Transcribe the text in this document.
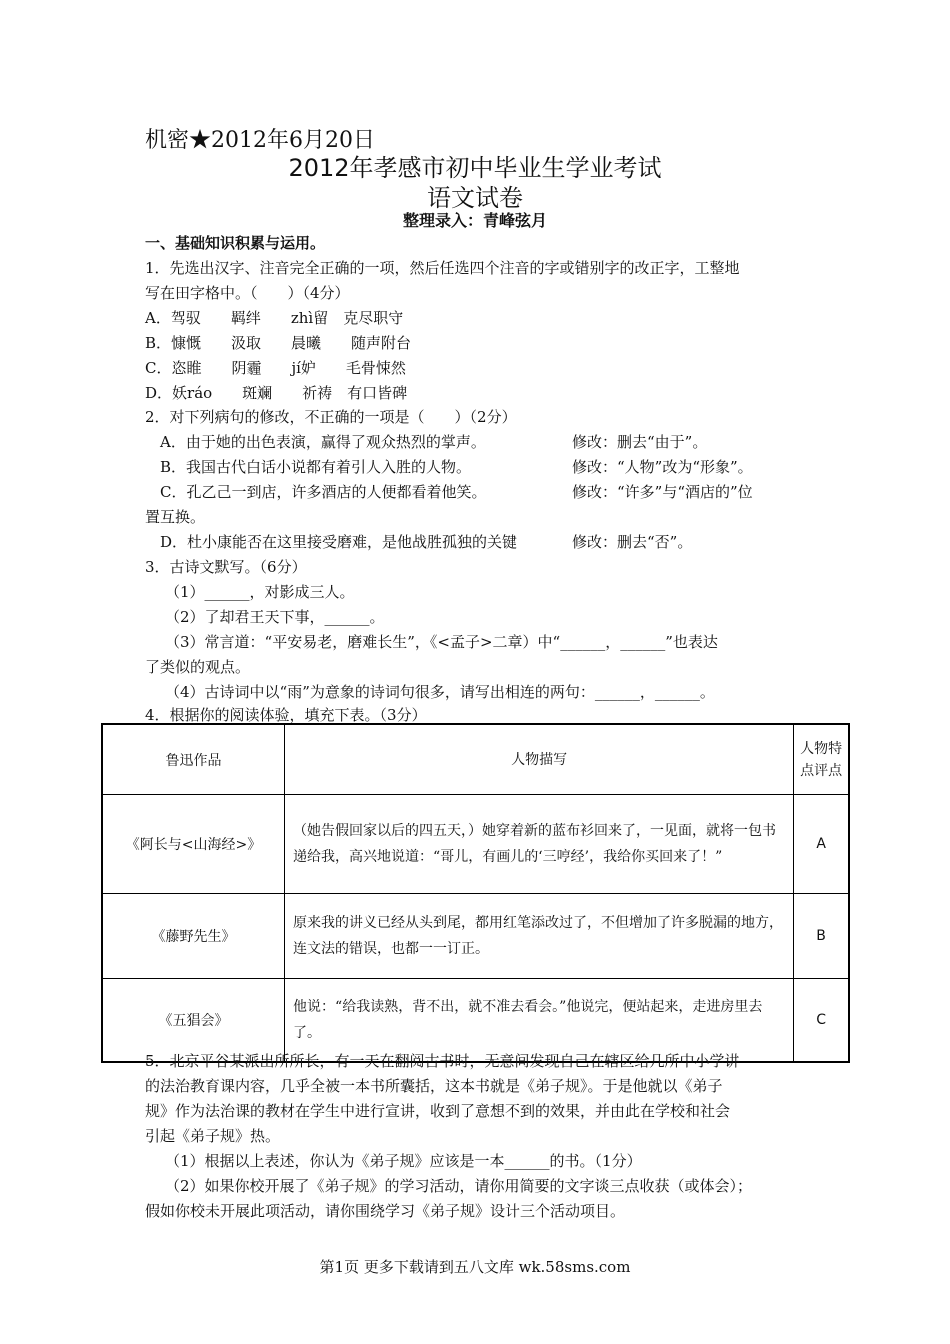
机密★2012年6月20日
2012年孝感市初中毕业生学业考试
语文试卷
整理录入：青峰弦月
一、基础知识积累与运用。
1．先选出汉字、注音完全正确的一项，然后任选四个注音的字或错别字的改正字，工整地
写在田字格中。（　　）（4分）
A．驾驭　　羁绊　　zhì留　克尽职守
B．慷慨　　汲取　　晨曦　　随声附台
C．恣睢　　阴霾　　jí妒　　毛骨悚然
D．妖ráo　　斑斓　　祈祷　有口皆碑
2．对下列病句的修改，不正确的一项是（　　）（2分）
A．由于她的出色表演，赢得了观众热烈的掌声。	修改：删去“由于”。
B．我国古代白话小说都有着引人入胜的人物。	修改：“人物”改为“形象”。
C．孔乙己一到店，许多酒店的人便都看着他笑。	修改：“许多”与“酒店的”位
置互换。
D．杜小康能否在这里接受磨难，是他战胜孤独的关键	修改：删去“否”。
3．古诗文默写。（6分）
（1）______，对影成三人。
（2）了却君王天下事，______。
（3）常言道：“平安易老，磨难长生”，《<孟子>二章）中“______，______”也表达
了类似的观点。
（4）古诗词中以“雨”为意象的诗词句很多，请写出相连的两句：______，______。
4．根据你的阅读体验，填充下表。（3分）
鲁迅作品	人物描写	人物特点评点
《阿长与<山海经>》	（她告假回家以后的四五天，）她穿着新的蓝布衫回来了，一见面，就将一包书递给我，高兴地说道：“哥儿，有画儿的‘三哼经’，我给你买回来了！”	A
《藤野先生》	原来我的讲义已经从头到尾，都用红笔添改过了，不但增加了许多脱漏的地方，连文法的错误，也都一一订正。	B
《五猖会》	他说：“给我读熟，背不出，就不准去看会。”他说完，便站起来，走进房里去了。	C
5．北京平谷某派出所所长，有一天在翻阅古书时，无意间发现自己在辖区给几所中小学讲
的法治教育课内容，几乎全被一本书所囊括，这本书就是《弟子规》。于是他就以《弟子
规》作为法治课的教材在学生中进行宣讲，收到了意想不到的效果，并由此在学校和社会
引起《弟子规》热。
（1）根据以上表述，你认为《弟子规》应该是一本______的书。（1分）
（2）如果你校开展了《弟子规》的学习活动，请你用简要的文字谈三点收获（或体会）；
假如你校未开展此项活动，请你围绕学习《弟子规》设计三个活动项目。
第1页 更多下载请到五八文库 wk.58sms.com
